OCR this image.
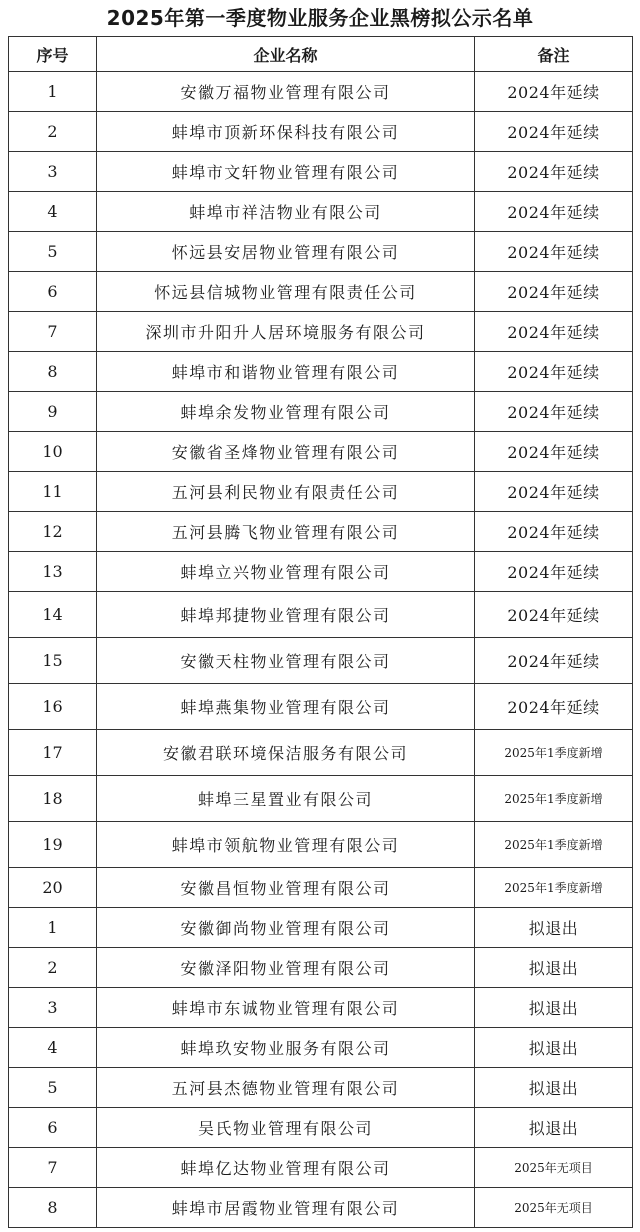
2025年第一季度物业服务企业黑榜拟公示名单
序号	企业名称	备注
1	安徽万福物业管理有限公司	2024年延续
2	蚌埠市顶新环保科技有限公司	2024年延续
3	蚌埠市文轩物业管理有限公司	2024年延续
4	蚌埠市祥洁物业有限公司	2024年延续
5	怀远县安居物业管理有限公司	2024年延续
6	怀远县信城物业管理有限责任公司	2024年延续
7	深圳市升阳升人居环境服务有限公司	2024年延续
8	蚌埠市和谐物业管理有限公司	2024年延续
9	蚌埠余发物业管理有限公司	2024年延续
10	安徽省圣烽物业管理有限公司	2024年延续
11	五河县利民物业有限责任公司	2024年延续
12	五河县腾飞物业管理有限公司	2024年延续
13	蚌埠立兴物业管理有限公司	2024年延续
14	蚌埠邦捷物业管理有限公司	2024年延续
15	安徽天柱物业管理有限公司	2024年延续
16	蚌埠燕集物业管理有限公司	2024年延续
17	安徽君联环境保洁服务有限公司	2025年1季度新增
18	蚌埠三星置业有限公司	2025年1季度新增
19	蚌埠市领航物业管理有限公司	2025年1季度新增
20	安徽昌恒物业管理有限公司	2025年1季度新增
1	安徽御尚物业管理有限公司	拟退出
2	安徽泽阳物业管理有限公司	拟退出
3	蚌埠市东诚物业管理有限公司	拟退出
4	蚌埠玖安物业服务有限公司	拟退出
5	五河县杰德物业管理有限公司	拟退出
6	吴氏物业管理有限公司	拟退出
7	蚌埠亿达物业管理有限公司	2025年无项目
8	蚌埠市居霞物业管理有限公司	2025年无项目
